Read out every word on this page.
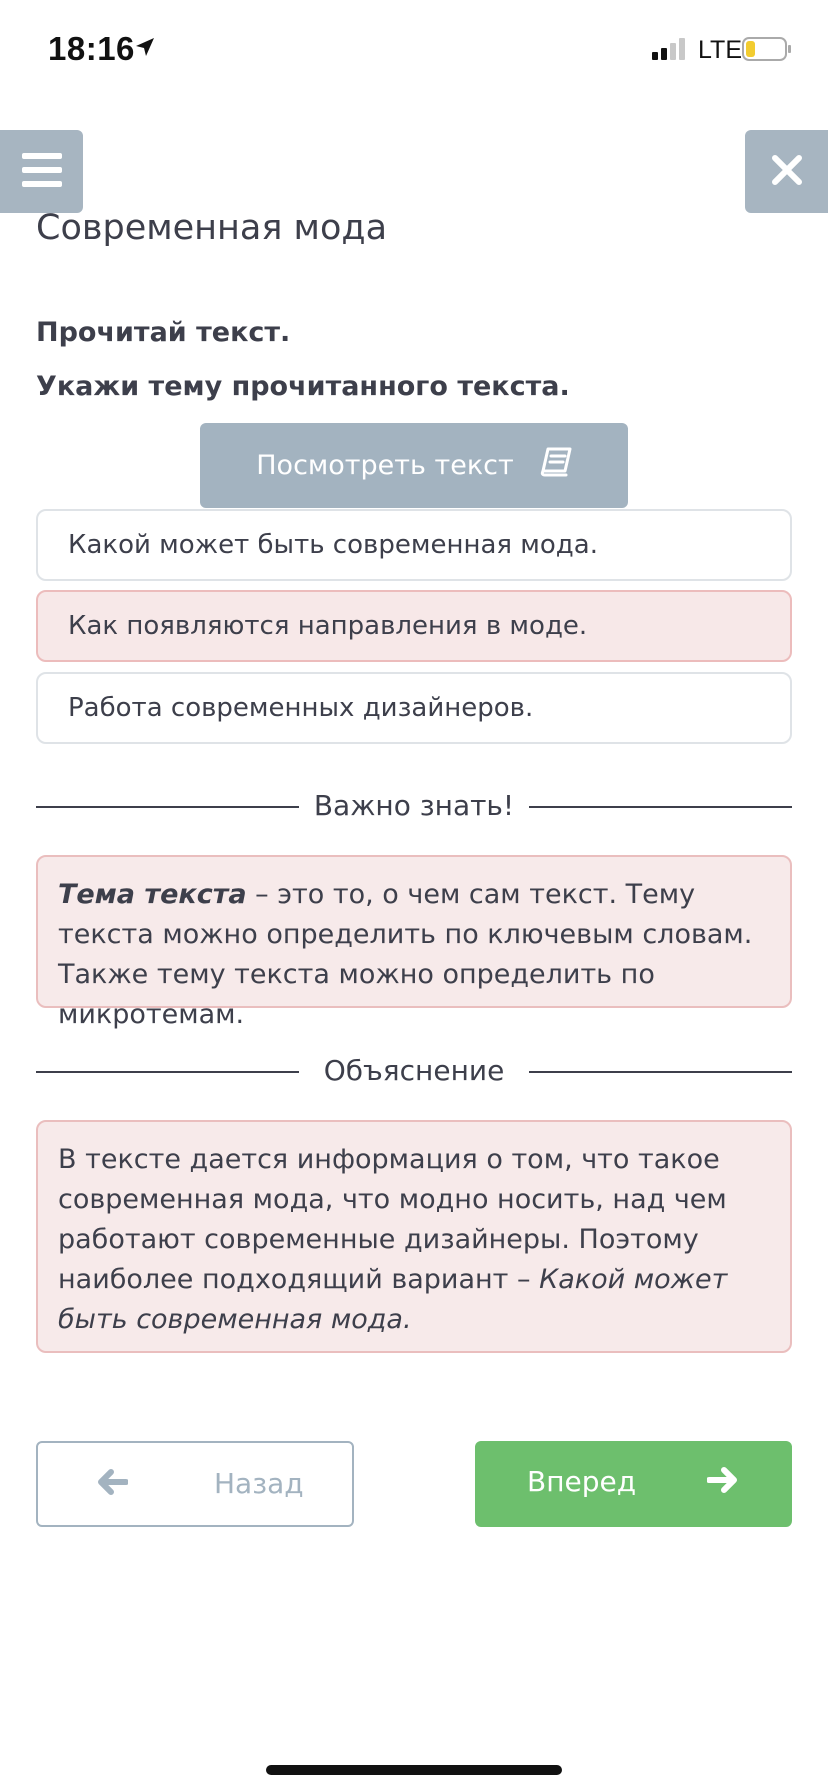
18:16	LTE
Современная мода
Прочитай текст.
Укажи тему прочитанного текста.
Посмотреть текст
Какой может быть современная мода.
Как появляются направления в моде.
Работа современных дизайнеров.
Важно знать!
Тема текста – это то, о чем сам текст. Тему текста можно определить по ключевым словам. Также тему текста можно определить по микротемам.
Объяснение
В тексте дается информация о том, что такое современная мода, что модно носить, над чем работают современные дизайнеры. Поэтому наиболее подходящий вариант – Какой может быть современная мода.
Назад	Вперед
